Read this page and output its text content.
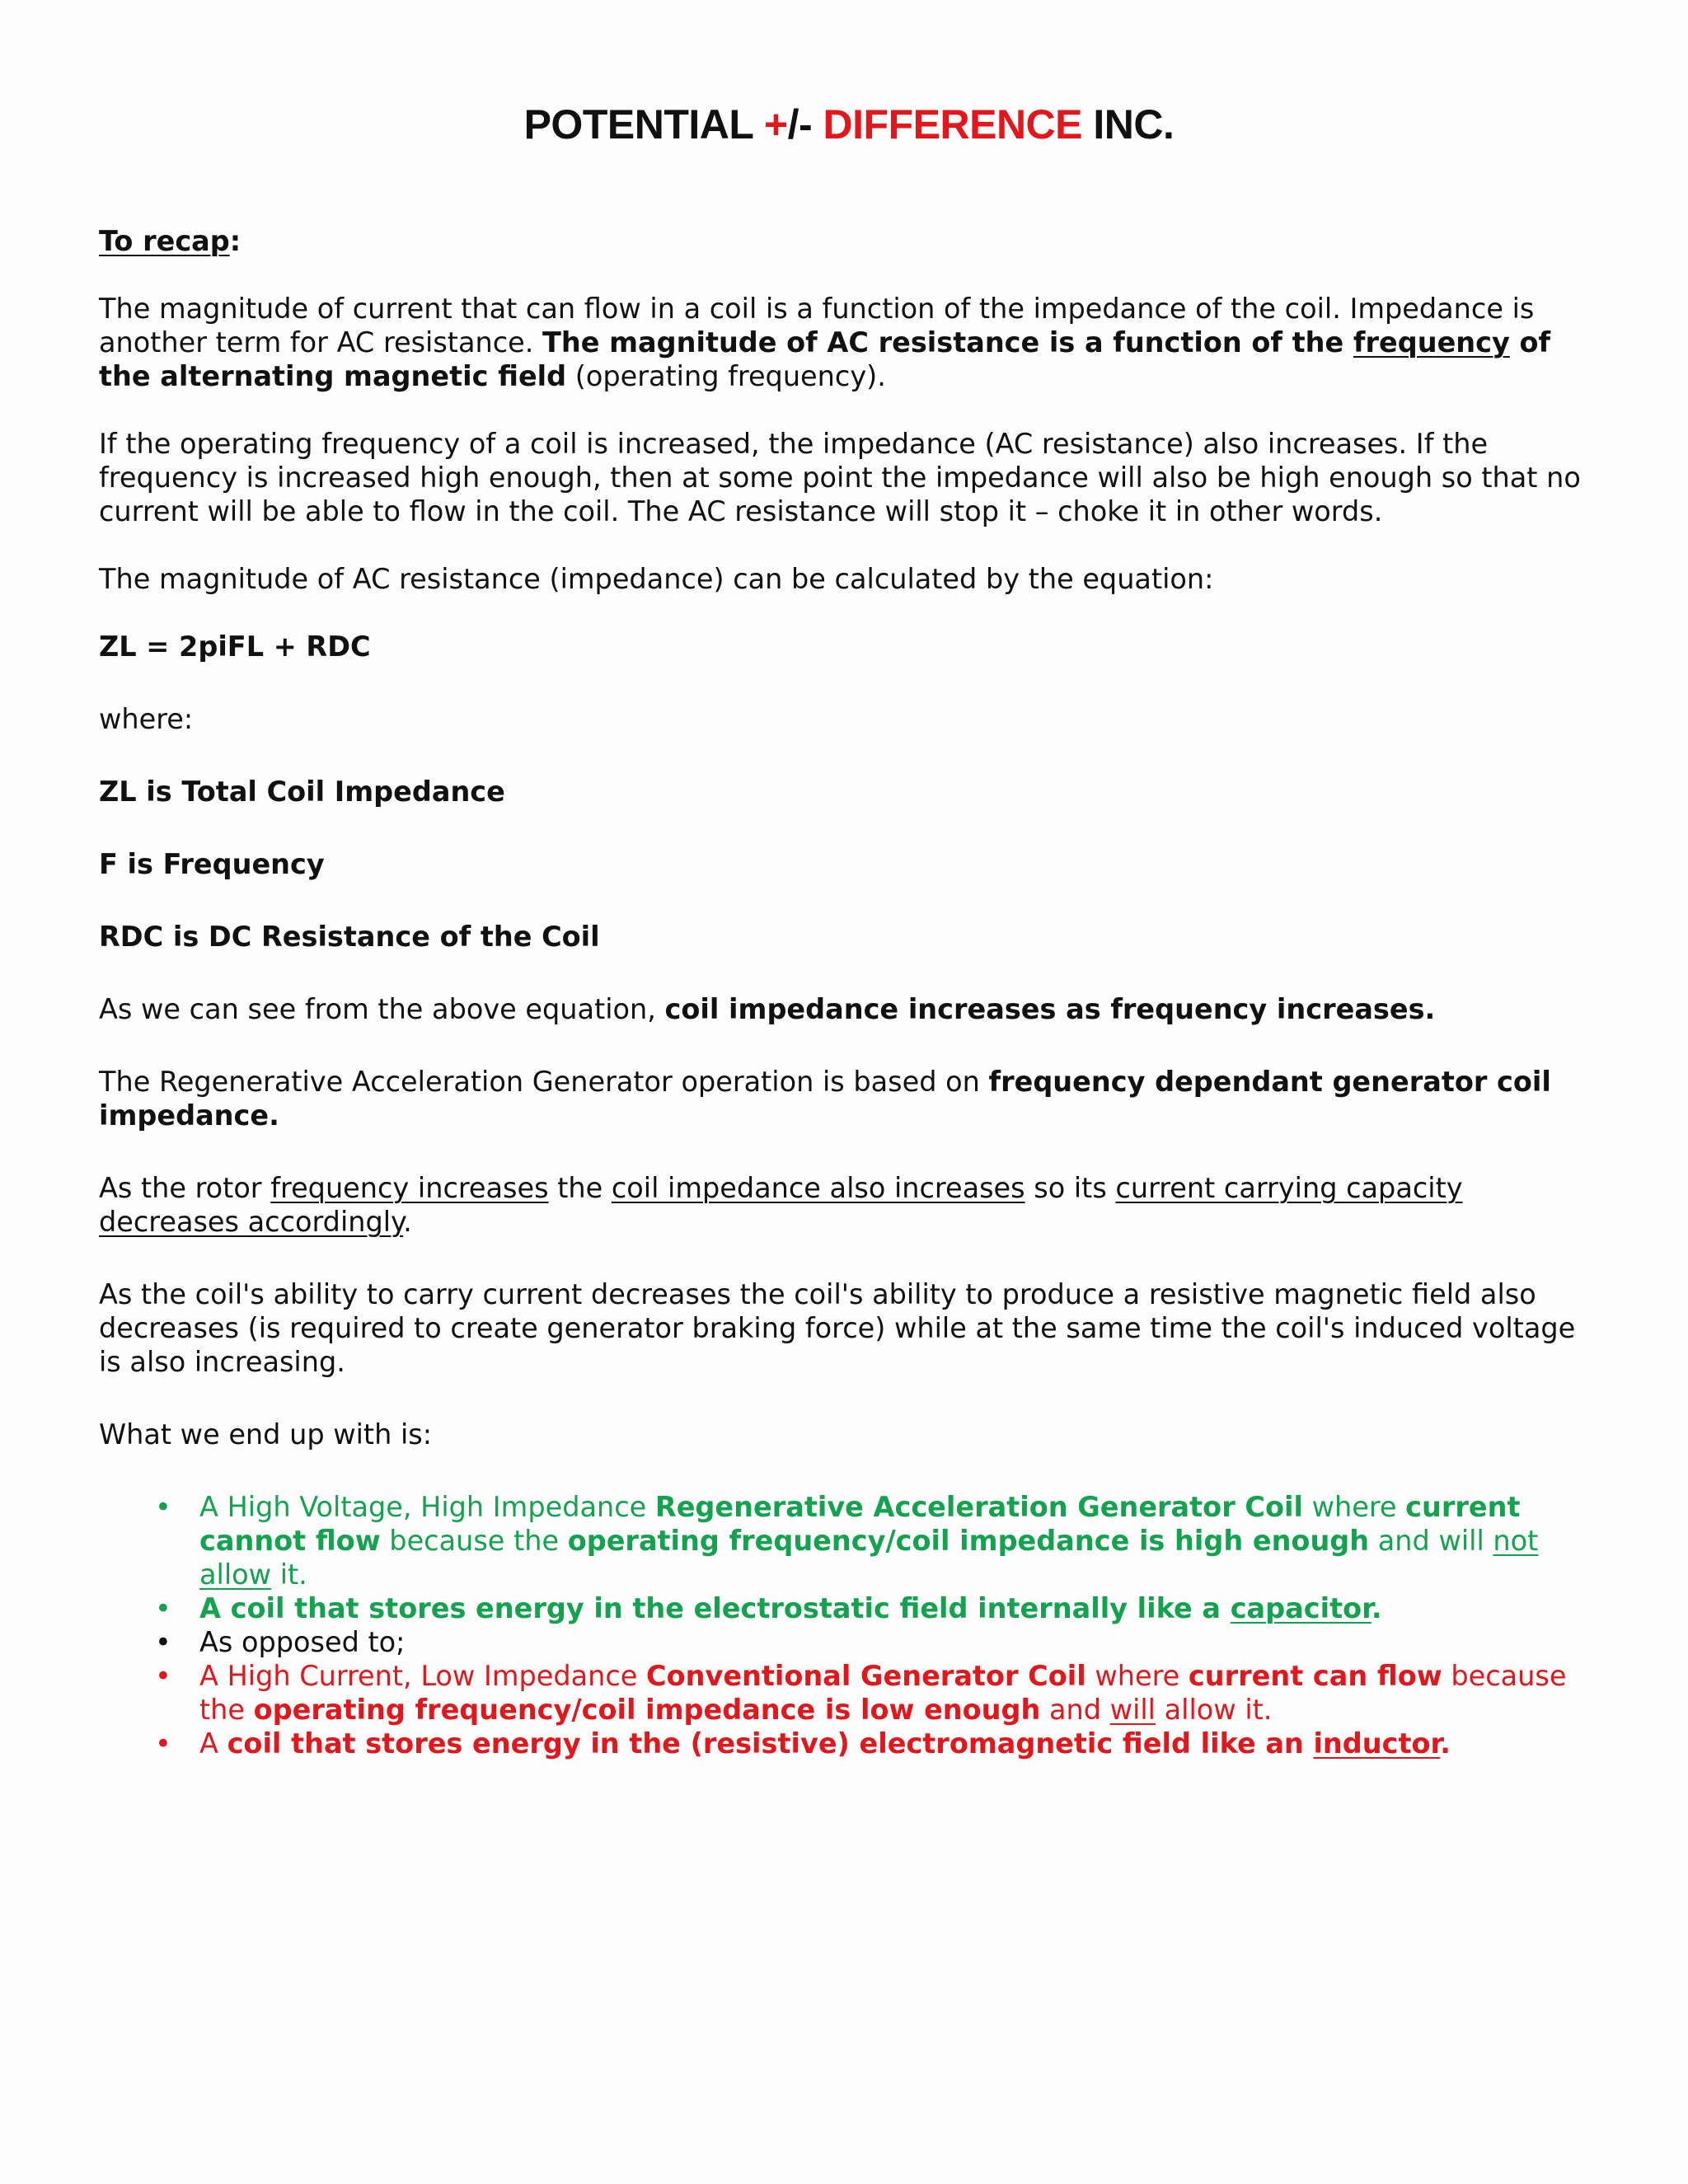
POTENTIAL +/- DIFFERENCE INC.

To recap:

The magnitude of current that can flow in a coil is a function of the impedance of the coil. Impedance is another term for AC resistance. The magnitude of AC resistance is a function of the frequency of the alternating magnetic field (operating frequency).

If the operating frequency of a coil is increased, the impedance (AC resistance) also increases. If the frequency is increased high enough, then at some point the impedance will also be high enough so that no current will be able to flow in the coil. The AC resistance will stop it – choke it in other words.

The magnitude of AC resistance (impedance) can be calculated by the equation:

ZL = 2piFL + RDC

where:

ZL is Total Coil Impedance

F is Frequency

RDC is DC Resistance of the Coil

As we can see from the above equation, coil impedance increases as frequency increases.

The Regenerative Acceleration Generator operation is based on frequency dependant generator coil impedance.

As the rotor frequency increases the coil impedance also increases so its current carrying capacity decreases accordingly.

As the coil's ability to carry current decreases the coil's ability to produce a resistive magnetic field also decreases (is required to create generator braking force) while at the same time the coil's induced voltage is also increasing.

What we end up with is:

• A High Voltage, High Impedance Regenerative Acceleration Generator Coil where current cannot flow because the operating frequency/coil impedance is high enough and will not allow it.
• A coil that stores energy in the electrostatic field internally like a capacitor.
• As opposed to;
• A High Current, Low Impedance Conventional Generator Coil where current can flow because the operating frequency/coil impedance is low enough and will allow it.
• A coil that stores energy in the (resistive) electromagnetic field like an inductor.
